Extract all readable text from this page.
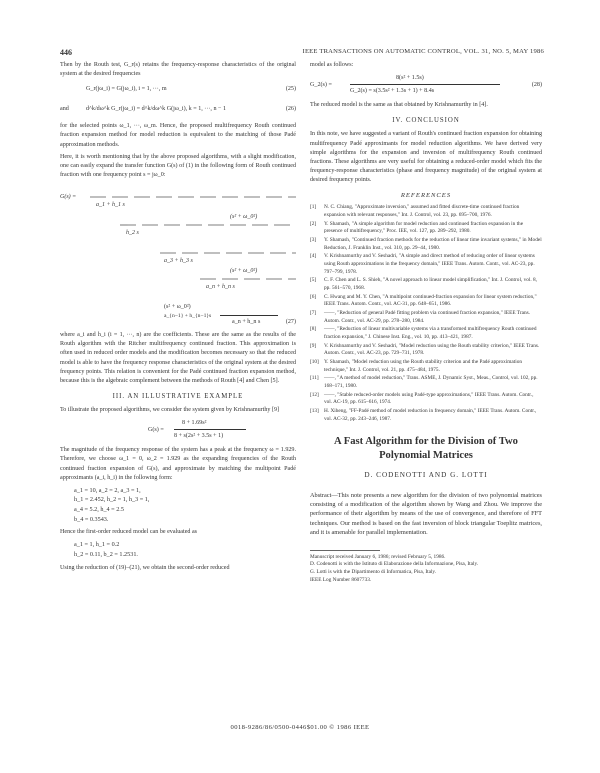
446	IEEE TRANSACTIONS ON AUTOMATIC CONTROL, VOL. 31, NO. 5, MAY 1986

Then by the Routh test, G_r(s) retains the frequency-response characteristics of the original system at the desired frequencies

G_r(jω_i) = G(jω_i), i = 1, ···, m	(25)
and	d^k/dω^k G_r(jω_i) = d^k/dω^k G(jω_i), k = 1, ···, n − 1	(26)

for the selected points ω_1, ···, ω_m. Hence, the proposed multifrequency Routh continued fraction expansion method for model reduction is equivalent to the matching of those Padé approximation methods.

Here, it is worth mentioning that by the above proposed algorithms, with a slight modification, one can easily expand the transfer function G(s) of (1) in the following form of Routh continued fraction with one frequency point s = jω_0:

G(s) =
a_1 + h_1 s
h_2 s
(s² + ω_0²)
a_3 + h_3 s
(s² + ω_0²)
a_n + h_n s
(s² + ω_0²)
a_{n−1} + h_{n−1}s
a_n + h_n s	(27)

where a_i and h_i (i = 1, ···, n) are the coefficients. These are the same as the results of the Routh algorithm with the Ritcher multifrequency continued fraction. This approximation is often used in reduced order models and the modification becomes necessary so that the reduced model is able to have the frequency response characteristics of the original system at the desired frequency points. This relation is convenient for the Padé continued fraction expansion method, because this is the algebraic complement between the methods of Routh [4] and Chen [5].

III. AN ILLUSTRATIVE EXAMPLE

To illustrate the proposed algorithms, we consider the system given by Krishnamurthy [9]

G(s) =
8 + 1.69s²
8 + s(2s² + 3.5s + 1)

The magnitude of the frequency response of the system has a peak at the frequency ω = 1.929. Therefore, we choose ω_1 = 0, ω_2 = 1.929 as the expanding frequencies of the Routh continued fraction expansion of G(s), and approximate by matching the multipoint Padé approximants (a_i, h_i) in the following form:

a_1 = 10, a_2 = 2, a_3 = 1,
h_1 = 2.452, h_2 = 1, h_3 = 1,
a_4 = 5.2, h_4 = 2.5
b_4 = 0.3543.

Hence the first-order reduced model can be evaluated as

a_1 = 1, h_1 = 0.2
h_2 = 0.11, b_2 = 1.2531.

Using the reduction of (19)–(21), we obtain the second-order reduced

model as follows:

G_2(s) =
8(s² + 1.5s)
G_2(s) = s(3.5s² + 1.3s + 1) + 8.4s
(28)

The reduced model is the same as that obtained by Krishnamurthy in [4].

IV. CONCLUSION

In this note, we have suggested a variant of Routh's continued fraction expansion for obtaining multifrequency Padé approximants for model reduction algorithms. We have derived very simple algorithms for the expansion and inversion of multifrequency Routh continued fractions. These algorithms are very useful for obtaining a reduced-order model which fits the frequency-response characteristics (phase and frequency magnitude) of the original system at desired frequency points.

REFERENCES
[1] N. C. Chiang, "Approximate inversion," assumed and fitted discrete-time continued fraction expansion with relevant responses," Int. J. Control, vol. 23, pp. 695–700, 1976.
[2] Y. Shamash, "A simple algorithm for model reduction and continued fraction expansion in the presence of multifrequency," Proc. IEE, vol. 127, pp. 289–292, 1980.
[3] Y. Shamash, "Continued fraction methods for the reduction of linear time invariant systems," in Model Reduction, J. Franklin Inst., vol. 310, pp. 29–44, 1980.
[4] V. Krishnamurthy and V. Seshadri, "A simple and direct method of reducing order of linear systems using Routh approximations in the frequency domain," IEEE Trans. Autom. Contr., vol. AC-23, pp. 797–799, 1978.
[5] C. F. Chen and L. S. Shieh, "A novel approach to linear model simplification," Int. J. Control, vol. 8, pp. 561–570, 1968.
[6] C. Hwang and M. Y. Chen, "A multipoint continued-fraction expansion for linear system reduction," IEEE Trans. Autom. Contr., vol. AC-31, pp. 648–651, 1986.
[7] ——, "Reduction of general Padé fitting problem via continued fraction expansion," IEEE Trans. Autom. Contr., vol. AC-29, pp. 278–280, 1984.
[8] ——, "Reduction of linear multivariable systems via a transformed multifrequency Routh continued fraction expansion," J. Chinese Inst. Eng., vol. 10, pp. 413–421, 1987.
[9] V. Krishnamurthy and V. Seshadri, "Model reduction using the Routh stability criterion," IEEE Trans. Autom. Contr., vol. AC-23, pp. 729–731, 1978.
[10] Y. Shamash, "Model reduction using the Routh stability criterion and the Padé approximation technique," Int. J. Control, vol. 21, pp. 475–484, 1975.
[11] ——, "A method of model reduction," Trans. ASME, J. Dynamic Syst., Meas., Control, vol. 102, pp. 168–171, 1980.
[12] ——, "Stable reduced-order models using Padé-type approximations," IEEE Trans. Autom. Contr., vol. AC-19, pp. 615–616, 1974.
[13] H. Xiheng, "FF-Padé method of model reduction in frequency domain," IEEE Trans. Autom. Contr., vol. AC-32, pp. 243–246, 1987.
A Fast Algorithm for the Division of Two
Polynomial Matrices
D. CODENOTTI AND G. LOTTI

Abstract—This note presents a new algorithm for the division of two polynomial matrices consisting of a modification of the algorithm shown by Wang and Zhou. We improve the performance of their algorithm by means of the use of convergence, and therefore of FFT techniques. Our method is based on the fast inversion of block triangular Toeplitz matrices, and it is amenable for parallel implementation.

Manuscript received January 6, 1986; revised February 5, 1986.
D. Codenotti is with the Istituto di Elaborazione della Informazione, Pisa, Italy.
G. Lotti is with the Dipartimento di Informatica, Pisa, Italy.
IEEE Log Number 8607733.
0018-9286/86/0500-0446$01.00 © 1986 IEEE
